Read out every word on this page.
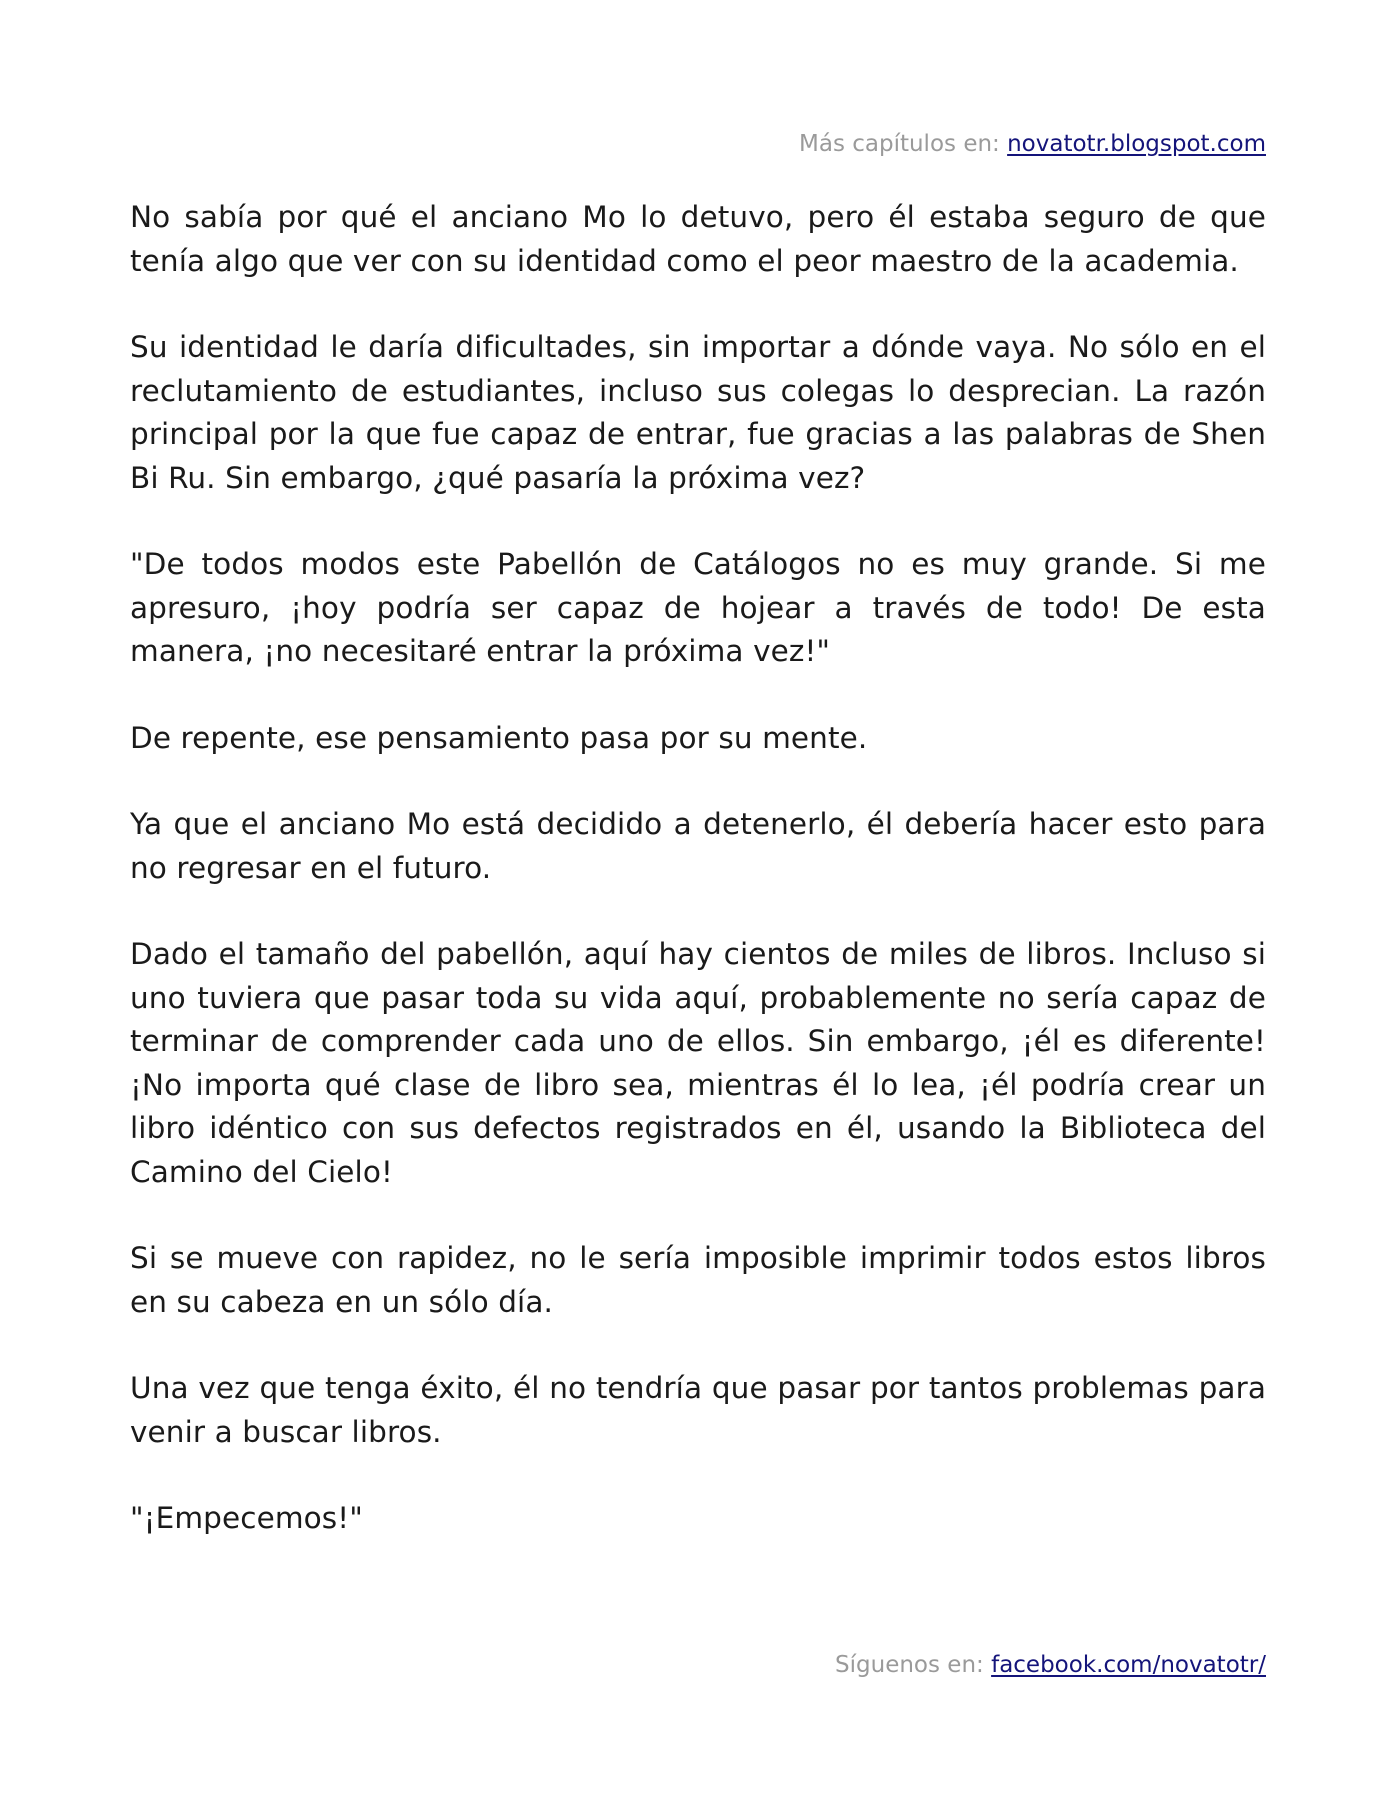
Más capítulos en: novatotr.blogspot.com

No sabía por qué el anciano Mo lo detuvo, pero él estaba seguro de que tenía algo que ver con su identidad como el peor maestro de la academia.

Su identidad le daría dificultades, sin importar a dónde vaya. No sólo en el reclutamiento de estudiantes, incluso sus colegas lo desprecian. La razón principal por la que fue capaz de entrar, fue gracias a las palabras de Shen Bi Ru. Sin embargo, ¿qué pasaría la próxima vez?

"De todos modos este Pabellón de Catálogos no es muy grande. Si me apresuro, ¡hoy podría ser capaz de hojear a través de todo! De esta manera, ¡no necesitaré entrar la próxima vez!"

De repente, ese pensamiento pasa por su mente.

Ya que el anciano Mo está decidido a detenerlo, él debería hacer esto para no regresar en el futuro.

Dado el tamaño del pabellón, aquí hay cientos de miles de libros. Incluso si uno tuviera que pasar toda su vida aquí, probablemente no sería capaz de terminar de comprender cada uno de ellos. Sin embargo, ¡él es diferente! ¡No importa qué clase de libro sea, mientras él lo lea, ¡él podría crear un libro idéntico con sus defectos registrados en él, usando la Biblioteca del Camino del Cielo!

Si se mueve con rapidez, no le sería imposible imprimir todos estos libros en su cabeza en un sólo día.

Una vez que tenga éxito, él no tendría que pasar por tantos problemas para venir a buscar libros.

"¡Empecemos!"

Síguenos en: facebook.com/novatotr/
